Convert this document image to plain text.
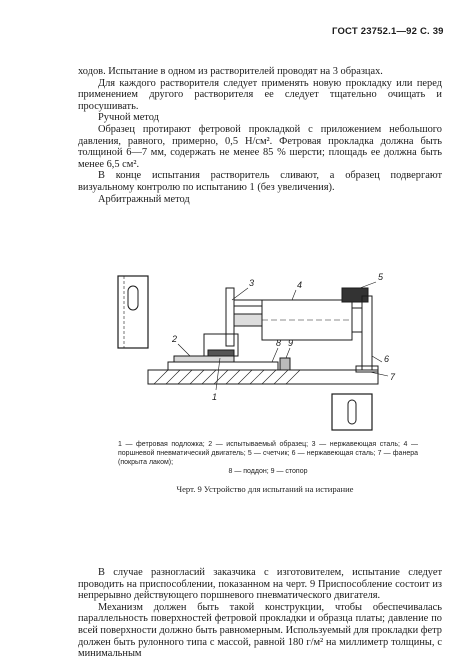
ГОСТ 23752.1—92 С. 39

ходов. Испытание в одном из растворителей проводят на 3 образцах.

Для каждого растворителя следует применять новую прокладку или перед применением другого растворителя ее следует тщательно очищать и просушивать.

Ручной метод

Образец протирают фетровой прокладкой с приложением небольшого давления, равного, примерно, 0,5 Н/см². Фетровая прокладка должна быть толщиной 6—7 мм, содержать не менее 85 % шерсти; площадь ее должна быть менее 6,5 см².

В конце испытания растворитель сливают, а образец подвергают визуальному контролю по испытанию 1 (без увеличения).

Арбитражный метод

3	4
5
2	8 9
1
7
6
1 — фетровая подложка; 2 — испытываемый образец; 3 — нержавеющая сталь; 4 — поршневой пневматический двигатель; 5 — счетчик; 6 — нержавеющая сталь; 7 — фанера (покрыта лаком);
8 — поддон; 9 — стопор
Черт. 9 Устройство для испытаний на истирание

В случае разногласий заказчика с изготовителем, испытание следует проводить на приспособлении, показанном на черт. 9 Приспособление состоит из непрерывно действующего поршневого пневматического двигателя.

Механизм должен быть такой конструкции, чтобы обеспечивалась параллельность поверхностей фетровой прокладки и образца платы; давление по всей поверхности должно быть равномерным. Используемый для прокладки фетр должен быть рулонного типа с массой, равной 180 г/м² на миллиметр толщины, с минимальным
